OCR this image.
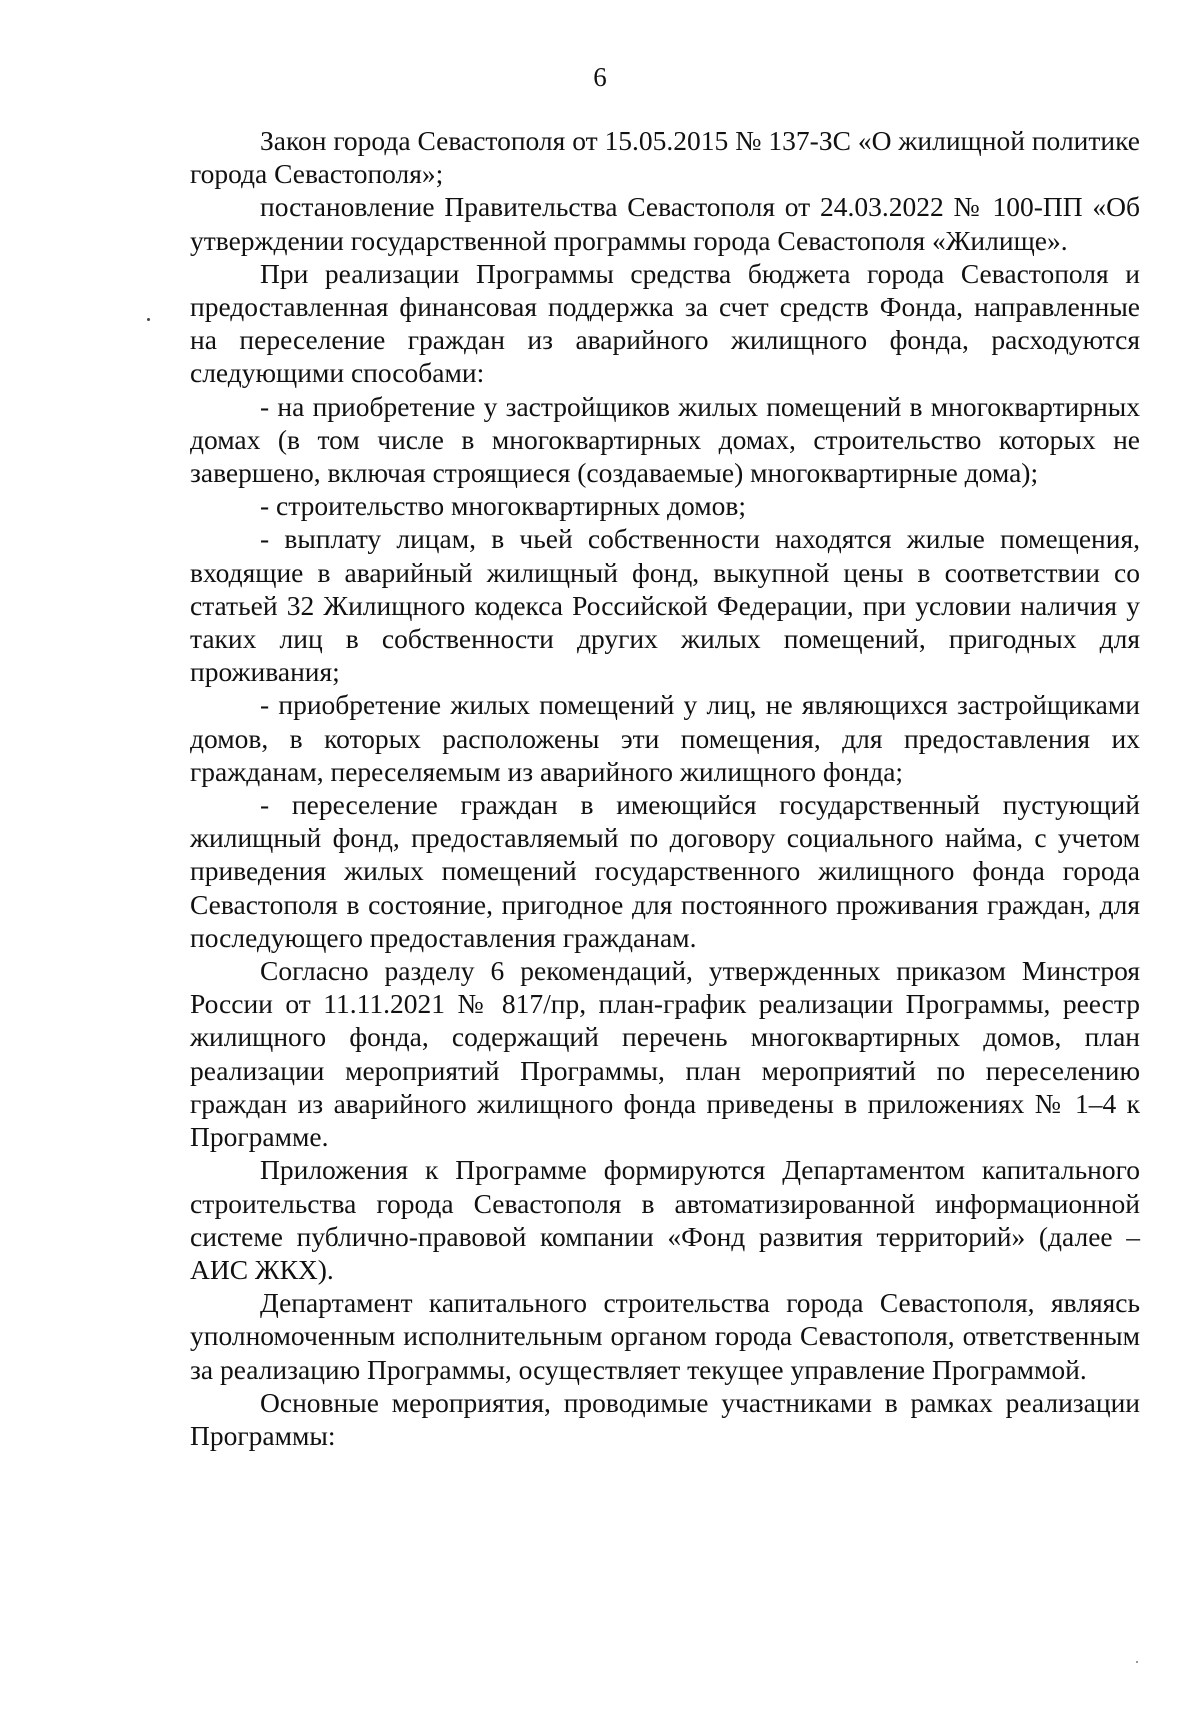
6

Закон города Севастополя от 15.05.2015 № 137-ЗС «О жилищной политике города Севастополя»;

постановление Правительства Севастополя от 24.03.2022 № 100-ПП «Об утверждении государственной программы города Севастополя «Жилище».

При реализации Программы средства бюджета города Севастополя и предоставленная финансовая поддержка за счет средств Фонда, направленные на переселение граждан из аварийного жилищного фонда, расходуются следующими способами:

- на приобретение у застройщиков жилых помещений в многоквартирных домах (в том числе в многоквартирных домах, строительство которых не завершено, включая строящиеся (создаваемые) многоквартирные дома);

- строительство многоквартирных домов;

- выплату лицам, в чьей собственности находятся жилые помещения, входящие в аварийный жилищный фонд, выкупной цены в соответствии со статьей 32 Жилищного кодекса Российской Федерации, при условии наличия у таких лиц в собственности других жилых помещений, пригодных для проживания;

- приобретение жилых помещений у лиц, не являющихся застройщиками домов, в которых расположены эти помещения, для предоставления их гражданам, переселяемым из аварийного жилищного фонда;

- переселение граждан в имеющийся государственный пустующий жилищный фонд, предоставляемый по договору социального найма, с учетом приведения жилых помещений государственного жилищного фонда города Севастополя в состояние, пригодное для постоянного проживания граждан, для последующего предоставления гражданам.

Согласно разделу 6 рекомендаций, утвержденных приказом Минстроя России от 11.11.2021 № 817/пр, план-график реализации Программы, реестр жилищного фонда, содержащий перечень многоквартирных домов, план реализации мероприятий Программы, план мероприятий по переселению граждан из аварийного жилищного фонда приведены в приложениях № 1–4 к Программе.

Приложения к Программе формируются Департаментом капитального строительства города Севастополя в автоматизированной информационной системе публично-правовой компании «Фонд развития территорий» (далее – АИС ЖКХ).

Департамент капитального строительства города Севастополя, являясь уполномоченным исполнительным органом города Севастополя, ответственным за реализацию Программы, осуществляет текущее управление Программой.

Основные мероприятия, проводимые участниками в рамках реализации Программы:
